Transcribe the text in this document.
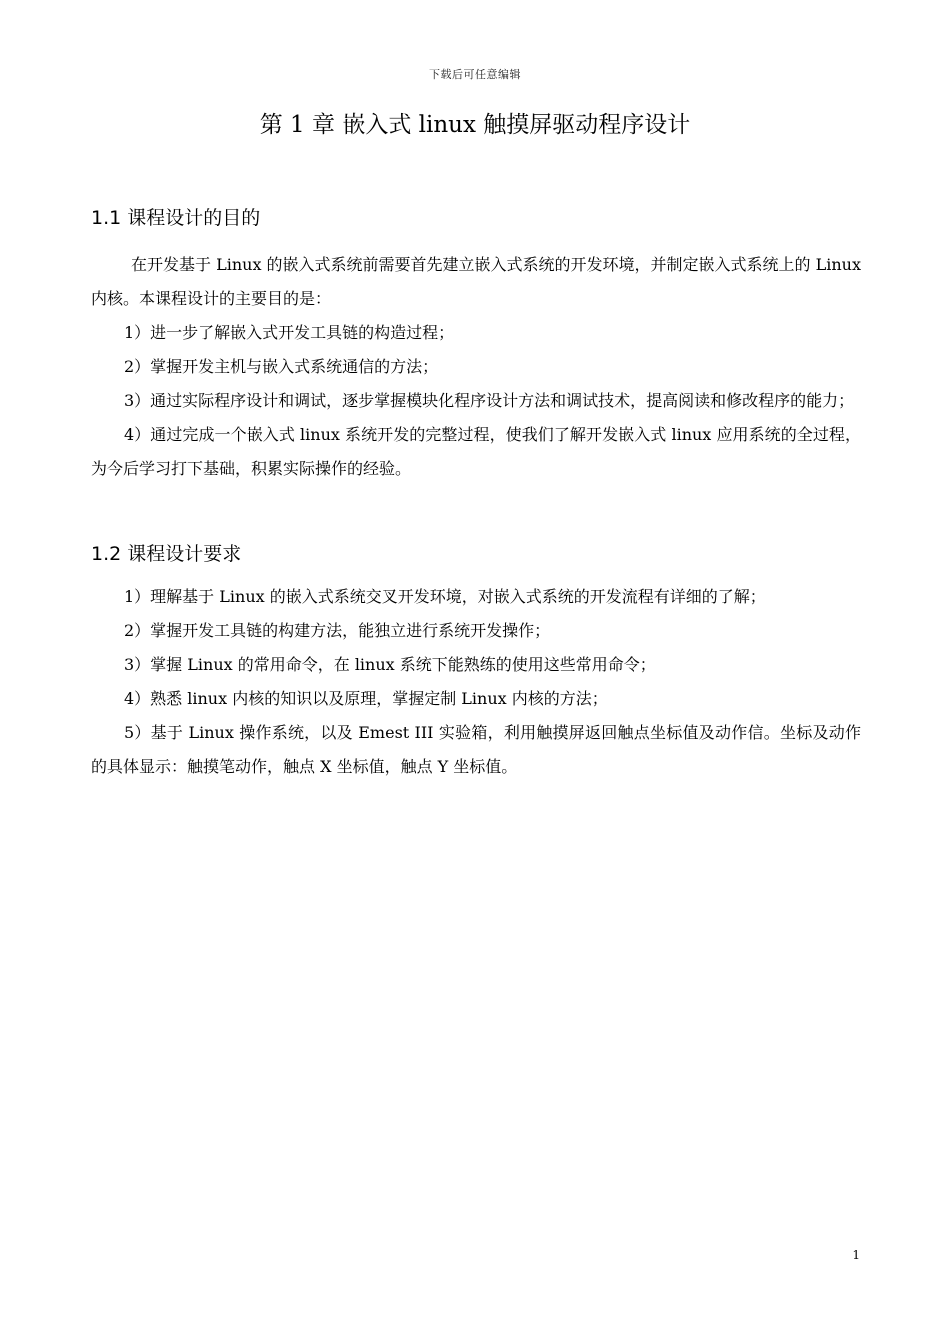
下载后可任意编辑
第 1 章 嵌入式 linux 触摸屏驱动程序设计
1.1 课程设计的目的

在开发基于 Linux 的嵌入式系统前需要首先建立嵌入式系统的开发环境，并制定嵌入式系统上的 Linux 内核。本课程设计的主要目的是：

1）进一步了解嵌入式开发工具链的构造过程；

2）掌握开发主机与嵌入式系统通信的方法；

3）通过实际程序设计和调试，逐步掌握模块化程序设计方法和调试技术，提高阅读和修改程序的能力；

4）通过完成一个嵌入式 linux 系统开发的完整过程，使我们了解开发嵌入式 linux 应用系统的全过程，为今后学习打下基础，积累实际操作的经验。

1.2 课程设计要求

1）理解基于 Linux 的嵌入式系统交叉开发环境，对嵌入式系统的开发流程有详细的了解；

2）掌握开发工具链的构建方法，能独立进行系统开发操作；

3）掌握 Linux 的常用命令，在 linux 系统下能熟练的使用这些常用命令；

4）熟悉 linux 内核的知识以及原理，掌握定制 Linux 内核的方法；

5）基于 Linux 操作系统，以及 Emest III 实验箱，利用触摸屏返回触点坐标值及动作信。坐标及动作的具体显示：触摸笔动作，触点 X 坐标值，触点 Y 坐标值。

1
